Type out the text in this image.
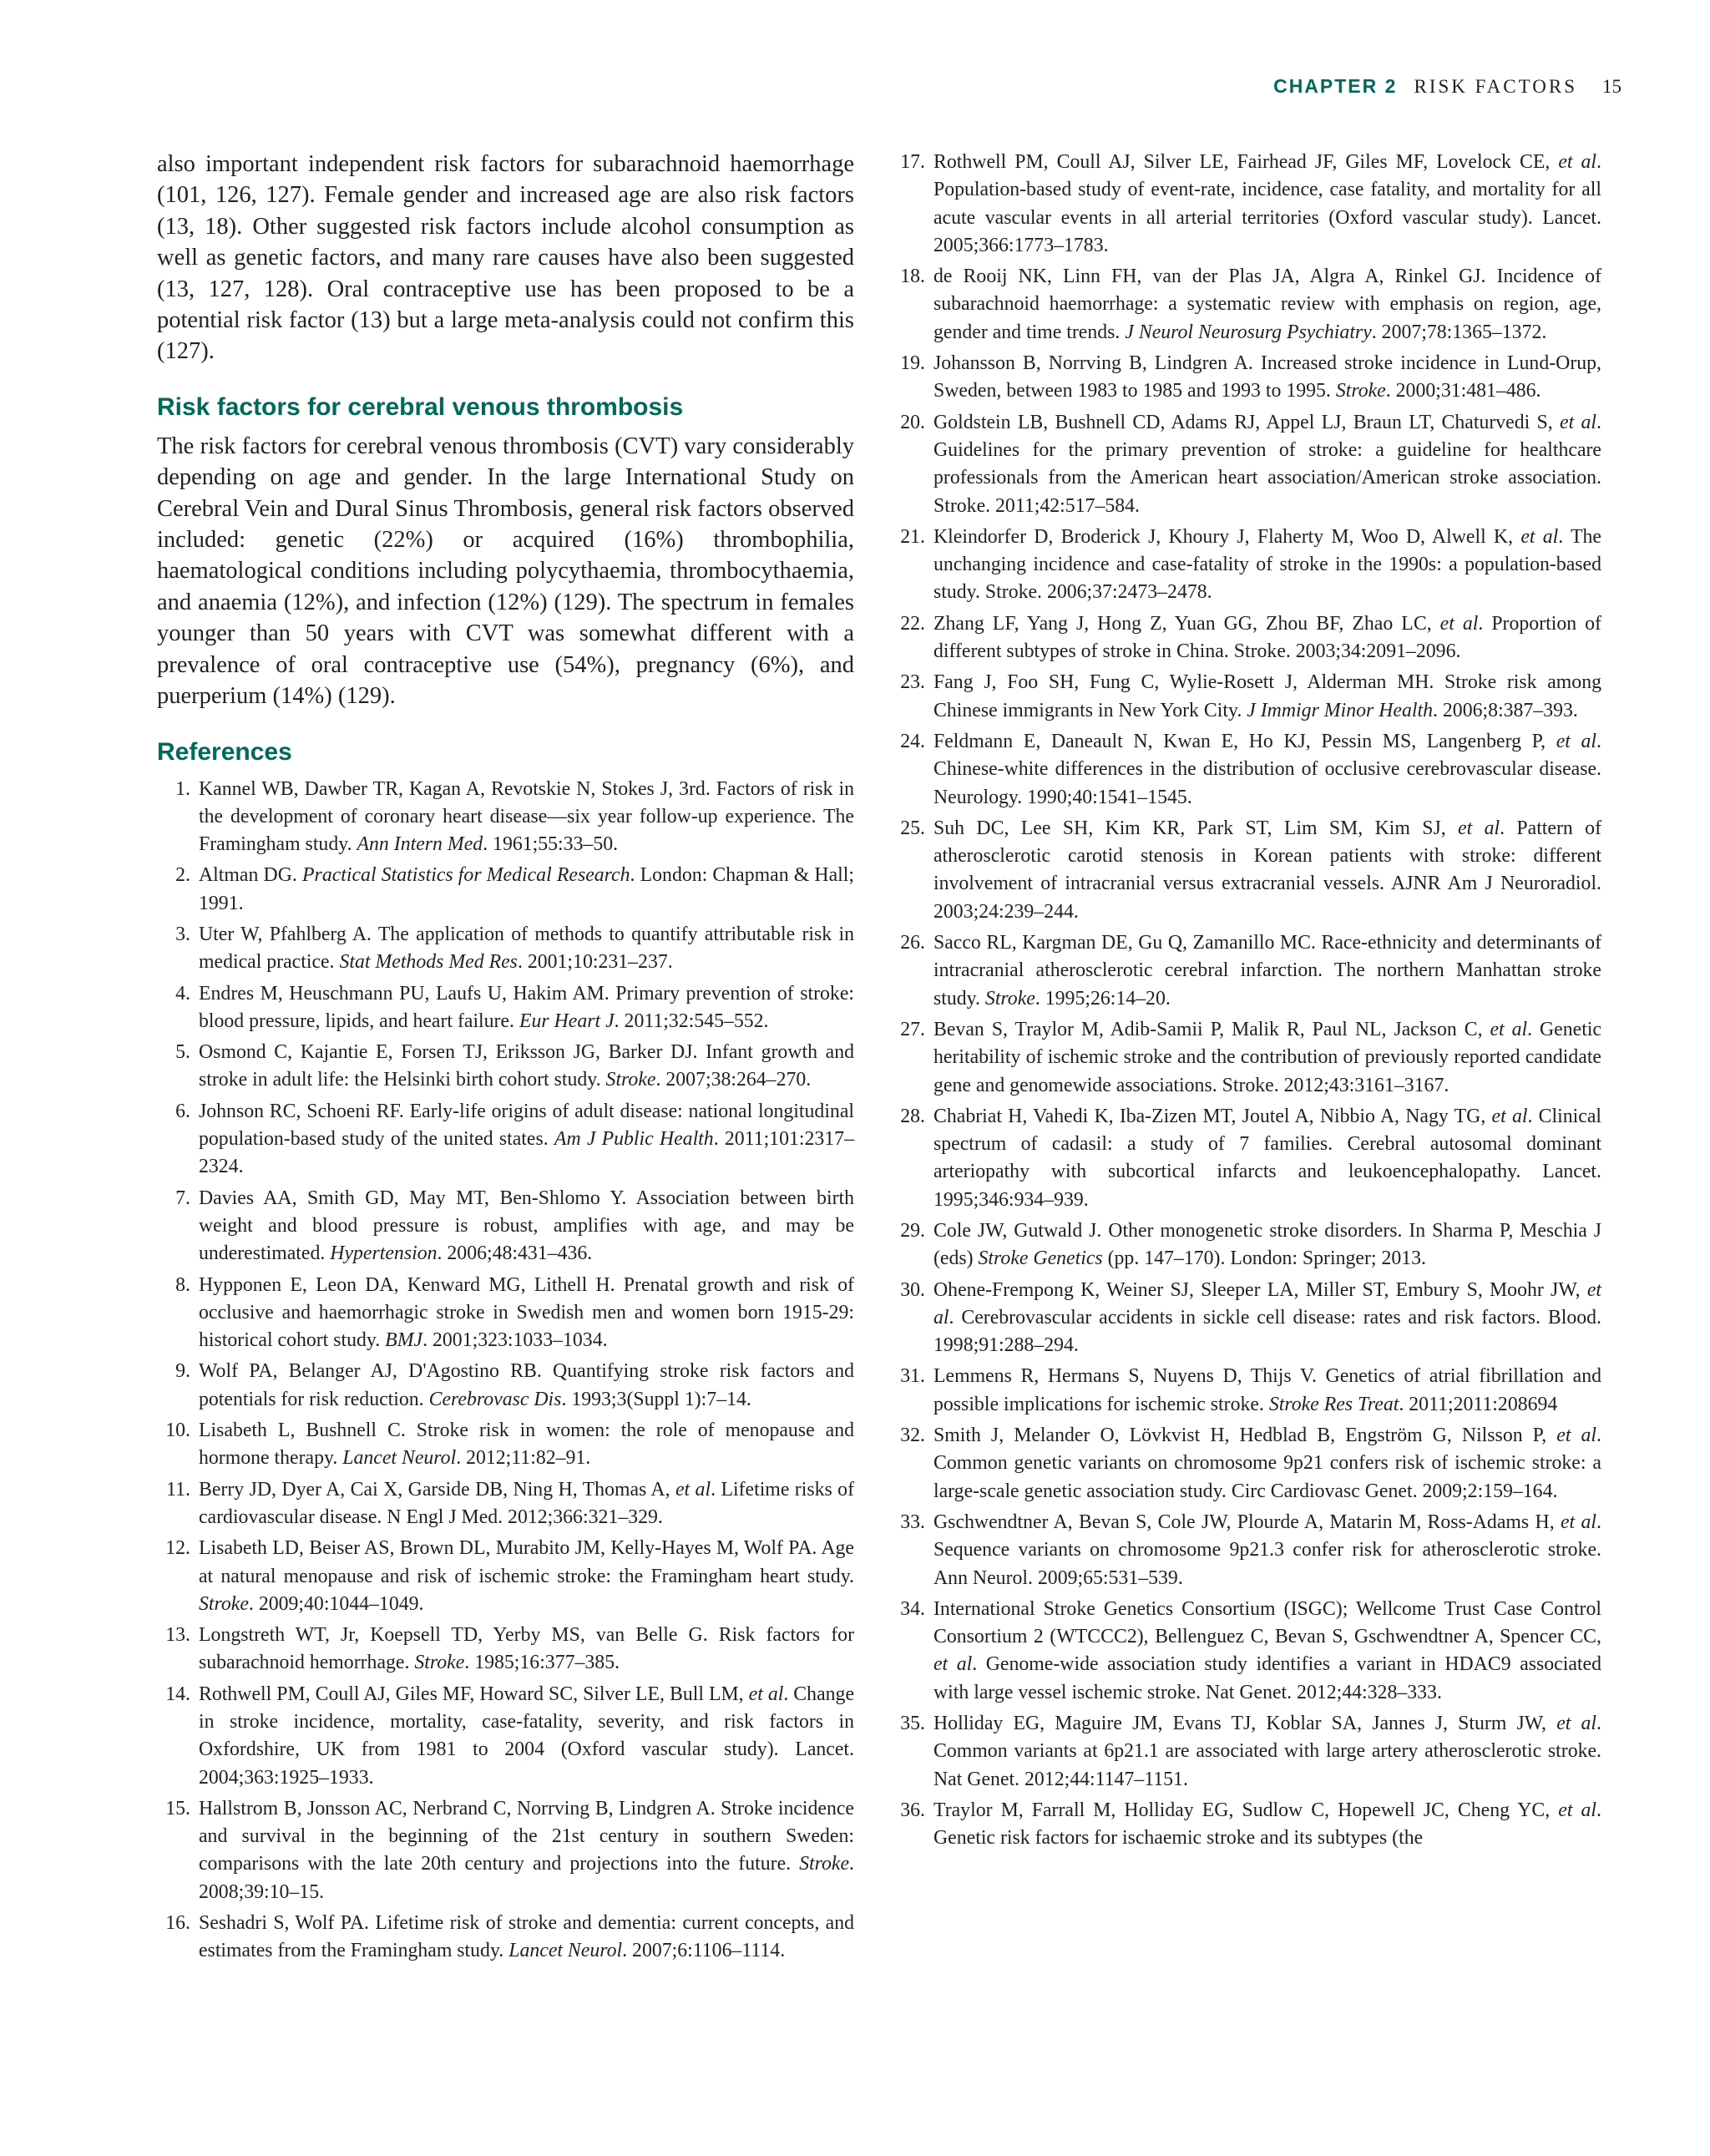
CHAPTER 2 RISK FACTORS 15

also important independent risk factors for subarachnoid haemorrhage (101, 126, 127). Female gender and increased age are also risk factors (13, 18). Other suggested risk factors include alcohol consumption as well as genetic factors, and many rare causes have also been suggested (13, 127, 128). Oral contraceptive use has been proposed to be a potential risk factor (13) but a large meta-analysis could not confirm this (127).

Risk factors for cerebral venous thrombosis

The risk factors for cerebral venous thrombosis (CVT) vary considerably depending on age and gender. In the large International Study on Cerebral Vein and Dural Sinus Thrombosis, general risk factors observed included: genetic (22%) or acquired (16%) thrombophilia, haematological conditions including polycythaemia, thrombocythaemia, and anaemia (12%), and infection (12%) (129). The spectrum in females younger than 50 years with CVT was somewhat different with a prevalence of oral contraceptive use (54%), pregnancy (6%), and puerperium (14%) (129).

References
1. Kannel WB, Dawber TR, Kagan A, Revotskie N, Stokes J, 3rd. Factors of risk in the development of coronary heart disease—six year follow-up experience. The Framingham study. Ann Intern Med. 1961;55:33–50.
2. Altman DG. Practical Statistics for Medical Research. London: Chapman & Hall; 1991.
3. Uter W, Pfahlberg A. The application of methods to quantify attributable risk in medical practice. Stat Methods Med Res. 2001;10:231–237.
4. Endres M, Heuschmann PU, Laufs U, Hakim AM. Primary prevention of stroke: blood pressure, lipids, and heart failure. Eur Heart J. 2011;32:545–552.
5. Osmond C, Kajantie E, Forsen TJ, Eriksson JG, Barker DJ. Infant growth and stroke in adult life: the Helsinki birth cohort study. Stroke. 2007;38:264–270.
6. Johnson RC, Schoeni RF. Early-life origins of adult disease: national longitudinal population-based study of the united states. Am J Public Health. 2011;101:2317–2324.
7. Davies AA, Smith GD, May MT, Ben-Shlomo Y. Association between birth weight and blood pressure is robust, amplifies with age, and may be underestimated. Hypertension. 2006;48:431–436.
8. Hypponen E, Leon DA, Kenward MG, Lithell H. Prenatal growth and risk of occlusive and haemorrhagic stroke in Swedish men and women born 1915-29: historical cohort study. BMJ. 2001;323:1033–1034.
9. Wolf PA, Belanger AJ, D'Agostino RB. Quantifying stroke risk factors and potentials for risk reduction. Cerebrovasc Dis. 1993;3(Suppl 1):7–14.
10. Lisabeth L, Bushnell C. Stroke risk in women: the role of menopause and hormone therapy. Lancet Neurol. 2012;11:82–91.
11. Berry JD, Dyer A, Cai X, Garside DB, Ning H, Thomas A, et al. Lifetime risks of cardiovascular disease. N Engl J Med. 2012;366:321–329.
12. Lisabeth LD, Beiser AS, Brown DL, Murabito JM, Kelly-Hayes M, Wolf PA. Age at natural menopause and risk of ischemic stroke: the Framingham heart study. Stroke. 2009;40:1044–1049.
13. Longstreth WT, Jr, Koepsell TD, Yerby MS, van Belle G. Risk factors for subarachnoid hemorrhage. Stroke. 1985;16:377–385.
14. Rothwell PM, Coull AJ, Giles MF, Howard SC, Silver LE, Bull LM, et al. Change in stroke incidence, mortality, case-fatality, severity, and risk factors in Oxfordshire, UK from 1981 to 2004 (Oxford vascular study). Lancet. 2004;363:1925–1933.
15. Hallstrom B, Jonsson AC, Nerbrand C, Norrving B, Lindgren A. Stroke incidence and survival in the beginning of the 21st century in southern Sweden: comparisons with the late 20th century and projections into the future. Stroke. 2008;39:10–15.
16. Seshadri S, Wolf PA. Lifetime risk of stroke and dementia: current concepts, and estimates from the Framingham study. Lancet Neurol. 2007;6:1106–1114.
17. Rothwell PM, Coull AJ, Silver LE, Fairhead JF, Giles MF, Lovelock CE, et al. Population-based study of event-rate, incidence, case fatality, and mortality for all acute vascular events in all arterial territories (Oxford vascular study). Lancet. 2005;366:1773–1783.
18. de Rooij NK, Linn FH, van der Plas JA, Algra A, Rinkel GJ. Incidence of subarachnoid haemorrhage: a systematic review with emphasis on region, age, gender and time trends. J Neurol Neurosurg Psychiatry. 2007;78:1365–1372.
19. Johansson B, Norrving B, Lindgren A. Increased stroke incidence in Lund-Orup, Sweden, between 1983 to 1985 and 1993 to 1995. Stroke. 2000;31:481–486.
20. Goldstein LB, Bushnell CD, Adams RJ, Appel LJ, Braun LT, Chaturvedi S, et al. Guidelines for the primary prevention of stroke: a guideline for healthcare professionals from the American heart association/American stroke association. Stroke. 2011;42:517–584.
21. Kleindorfer D, Broderick J, Khoury J, Flaherty M, Woo D, Alwell K, et al. The unchanging incidence and case-fatality of stroke in the 1990s: a population-based study. Stroke. 2006;37:2473–2478.
22. Zhang LF, Yang J, Hong Z, Yuan GG, Zhou BF, Zhao LC, et al. Proportion of different subtypes of stroke in China. Stroke. 2003;34:2091–2096.
23. Fang J, Foo SH, Fung C, Wylie-Rosett J, Alderman MH. Stroke risk among Chinese immigrants in New York City. J Immigr Minor Health. 2006;8:387–393.
24. Feldmann E, Daneault N, Kwan E, Ho KJ, Pessin MS, Langenberg P, et al. Chinese-white differences in the distribution of occlusive cerebrovascular disease. Neurology. 1990;40:1541–1545.
25. Suh DC, Lee SH, Kim KR, Park ST, Lim SM, Kim SJ, et al. Pattern of atherosclerotic carotid stenosis in Korean patients with stroke: different involvement of intracranial versus extracranial vessels. AJNR Am J Neuroradiol. 2003;24:239–244.
26. Sacco RL, Kargman DE, Gu Q, Zamanillo MC. Race-ethnicity and determinants of intracranial atherosclerotic cerebral infarction. The northern Manhattan stroke study. Stroke. 1995;26:14–20.
27. Bevan S, Traylor M, Adib-Samii P, Malik R, Paul NL, Jackson C, et al. Genetic heritability of ischemic stroke and the contribution of previously reported candidate gene and genomewide associations. Stroke. 2012;43:3161–3167.
28. Chabriat H, Vahedi K, Iba-Zizen MT, Joutel A, Nibbio A, Nagy TG, et al. Clinical spectrum of cadasil: a study of 7 families. Cerebral autosomal dominant arteriopathy with subcortical infarcts and leukoencephalopathy. Lancet. 1995;346:934–939.
29. Cole JW, Gutwald J. Other monogenetic stroke disorders. In Sharma P, Meschia J (eds) Stroke Genetics (pp. 147–170). London: Springer; 2013.
30. Ohene-Frempong K, Weiner SJ, Sleeper LA, Miller ST, Embury S, Moohr JW, et al. Cerebrovascular accidents in sickle cell disease: rates and risk factors. Blood. 1998;91:288–294.
31. Lemmens R, Hermans S, Nuyens D, Thijs V. Genetics of atrial fibrillation and possible implications for ischemic stroke. Stroke Res Treat. 2011;2011:208694
32. Smith J, Melander O, Lövkvist H, Hedblad B, Engström G, Nilsson P, et al. Common genetic variants on chromosome 9p21 confers risk of ischemic stroke: a large-scale genetic association study. Circ Cardiovasc Genet. 2009;2:159–164.
33. Gschwendtner A, Bevan S, Cole JW, Plourde A, Matarin M, Ross-Adams H, et al. Sequence variants on chromosome 9p21.3 confer risk for atherosclerotic stroke. Ann Neurol. 2009;65:531–539.
34. International Stroke Genetics Consortium (ISGC); Wellcome Trust Case Control Consortium 2 (WTCCC2), Bellenguez C, Bevan S, Gschwendtner A, Spencer CC, et al. Genome-wide association study identifies a variant in HDAC9 associated with large vessel ischemic stroke. Nat Genet. 2012;44:328–333.
35. Holliday EG, Maguire JM, Evans TJ, Koblar SA, Jannes J, Sturm JW, et al. Common variants at 6p21.1 are associated with large artery atherosclerotic stroke. Nat Genet. 2012;44:1147–1151.
36. Traylor M, Farrall M, Holliday EG, Sudlow C, Hopewell JC, Cheng YC, et al. Genetic risk factors for ischaemic stroke and its subtypes (the
